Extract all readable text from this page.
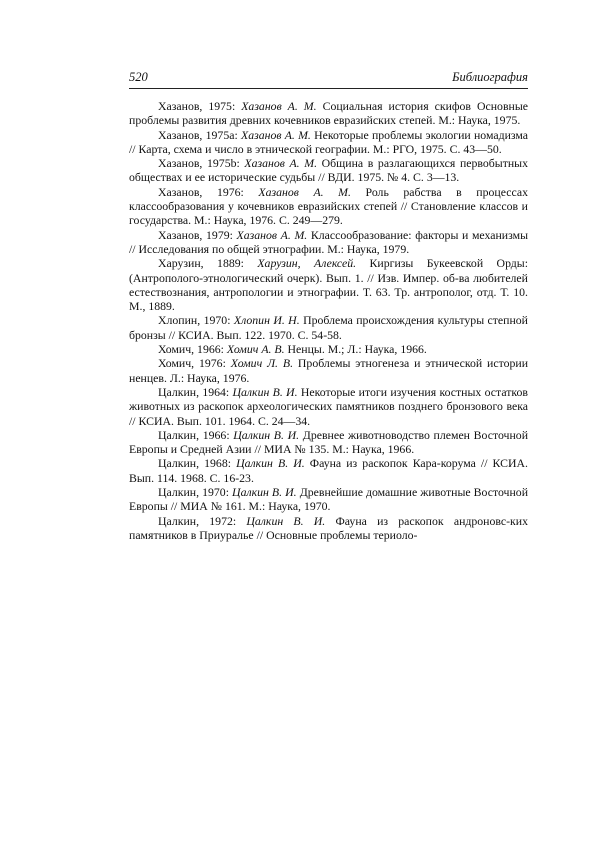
520	Библиография

Хазанов, 1975: Хазанов А. М. Социальная история скифов Основные проблемы развития древних кочевников евразийских степей. М.: Наука, 1975.

Хазанов, 1975a: Хазанов А. М. Некоторые проблемы экологии номадизма // Карта, схема и число в этнической географии. М.: РГО, 1975. С. 43—50.

Хазанов, 1975b: Хазанов А. М. Община в разлагающихся первобытных обществах и ее исторические судьбы // ВДИ. 1975. № 4. С. 3—13.

Хазанов, 1976: Хазанов А. М. Роль рабства в процессах классообразования у кочевников евразийских степей // Становление классов и государства. М.: Наука, 1976. С. 249—279.

Хазанов, 1979: Хазанов А. М. Классообразование: факторы и механизмы // Исследования по общей этнографии. М.: Наука, 1979.

Харузин, 1889: Харузин, Алексей. Киргизы Букеевской Орды: (Антрополого-этнологический очерк). Вып. 1. // Изв. Импер. об-ва любителей естествознания, антропологии и этнографии. Т. 63. Тр. антрополог, отд. Т. 10. М., 1889.

Хлопин, 1970: Хлопин И. Н. Проблема происхождения культуры степной бронзы // КСИА. Вып. 122. 1970. С. 54-58.

Хомич, 1966: Хомич А. В. Ненцы. М.; Л.: Наука, 1966.

Хомич, 1976: Хомич Л. В. Проблемы этногенеза и этнической истории ненцев. Л.: Наука, 1976.

Цалкин, 1964: Цалкин В. И. Некоторые итоги изучения костных остатков животных из раскопок археологических памятников позднего бронзового века // КСИА. Вып. 101. 1964. С. 24—34.

Цалкин, 1966: Цалкин В. И. Древнее животноводство племен Восточной Европы и Средней Азии // МИА № 135. М.: Наука, 1966.

Цалкин, 1968: Цалкин В. И. Фауна из раскопок Кара-корума // КСИА. Вып. 114. 1968. С. 16-23.

Цалкин, 1970: Цалкин В. И. Древнейшие домашние животные Восточной Европы // МИА № 161. М.: Наука, 1970.

Цалкин, 1972: Цалкин В. И. Фауна из раскопок андроновс-ких памятников в Приуралье // Основные проблемы териоло-
